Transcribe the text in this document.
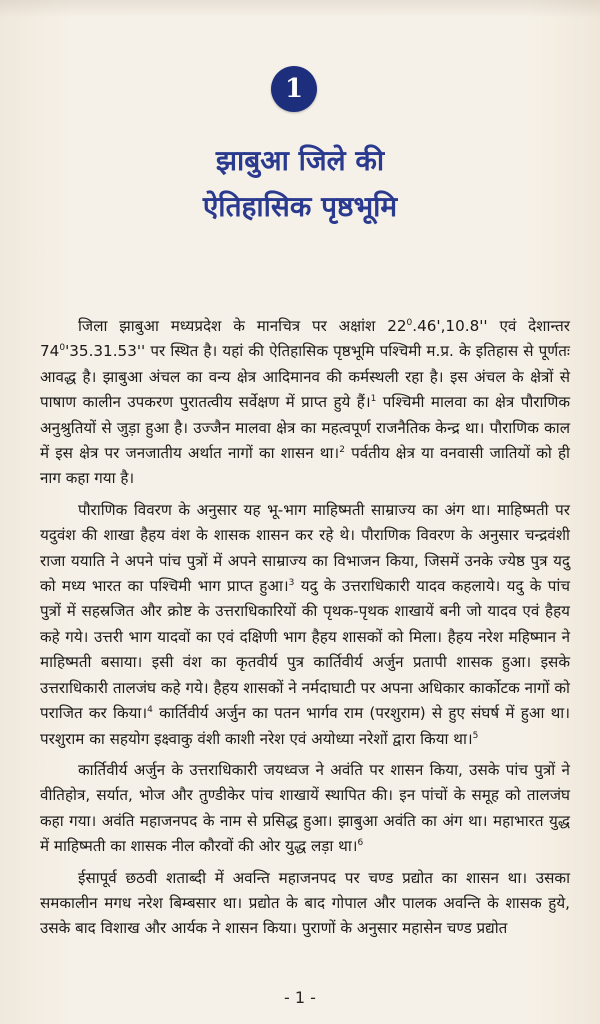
1
झाबुआ जिले की
ऐतिहासिक पृष्ठभूमि

जिला झाबुआ मध्यप्रदेश के मानचित्र पर अक्षांश $22^0.46',10.8''$ एवं देशान्तर $74^0'35.31.53''$ पर स्थित है। यहां की ऐतिहासिक पृष्ठभूमि पश्चिमी म.प्र. के इतिहास से पूर्णतः आवद्ध है। झाबुआ अंचल का वन्य क्षेत्र आदिमानव की कर्मस्थली रहा है। इस अंचल के क्षेत्रों से पाषाण कालीन उपकरण पुरातत्वीय सर्वेक्षण में प्राप्त हुये हैं।$^1$ पश्चिमी मालवा का क्षेत्र पौराणिक अनुश्रुतियों से जुड़ा हुआ है। उज्जैन मालवा क्षेत्र का महत्वपूर्ण राजनैतिक केन्द्र था। पौराणिक काल में इस क्षेत्र पर जनजातीय अर्थात नागों का शासन था।$^2$ पर्वतीय क्षेत्र या वनवासी जातियों को ही नाग कहा गया है।

पौराणिक विवरण के अनुसार यह भू-भाग माहिष्मती साम्राज्य का अंग था। माहिष्मती पर यदुवंश की शाखा हैहय वंश के शासक शासन कर रहे थे। पौराणिक विवरण के अनुसार चन्द्रवंशी राजा ययाति ने अपने पांच पुत्रों में अपने साम्राज्य का विभाजन किया, जिसमें उनके ज्येष्ठ पुत्र यदु को मध्य भारत का पश्चिमी भाग प्राप्त हुआ।$^3$ यदु के उत्तराधिकारी यादव कहलाये। यदु के पांच पुत्रों में सहस्रजित और क्रोष्ट के उत्तराधिकारियों की पृथक-पृथक शाखायें बनी जो यादव एवं हैहय कहे गये। उत्तरी भाग यादवों का एवं दक्षिणी भाग हैहय शासकों को मिला। हैहय नरेश महिष्मान ने माहिष्मती बसाया। इसी वंश का कृतवीर्य पुत्र कार्तिवीर्य अर्जुन प्रतापी शासक हुआ। इसके उत्तराधिकारी तालजंघ कहे गये। हैहय शासकों ने नर्मदाघाटी पर अपना अधिकार कार्कोटक नागों को पराजित कर किया।$^4$ कार्तिवीर्य अर्जुन का पतन भार्गव राम (परशुराम) से हुए संघर्ष में हुआ था। परशुराम का सहयोग इक्ष्वाकु वंशी काशी नरेश एवं अयोध्या नरेशों द्वारा किया था।$^5$

कार्तिवीर्य अर्जुन के उत्तराधिकारी जयध्वज ने अवंति पर शासन किया, उसके पांच पुत्रों ने वीतिहोत्र, सर्यात, भोज और तुण्डीकेर पांच शाखायें स्थापित की। इन पांचों के समूह को तालजंघ कहा गया। अवंति महाजनपद के नाम से प्रसिद्ध हुआ। झाबुआ अवंति का अंग था। महाभारत युद्ध में माहिष्मती का शासक नील कौरवों की ओर युद्ध लड़ा था।$^6$

ईसापूर्व छठवी शताब्दी में अवन्ति महाजनपद पर चण्ड प्रद्योत का शासन था। उसका समकालीन मगध नरेश बिम्बसार था। प्रद्योत के बाद गोपाल और पालक अवन्ति के शासक हुये, उसके बाद विशाख और आर्यक ने शासन किया। पुराणों के अनुसार महासेन चण्ड प्रद्योत

- 1 -
